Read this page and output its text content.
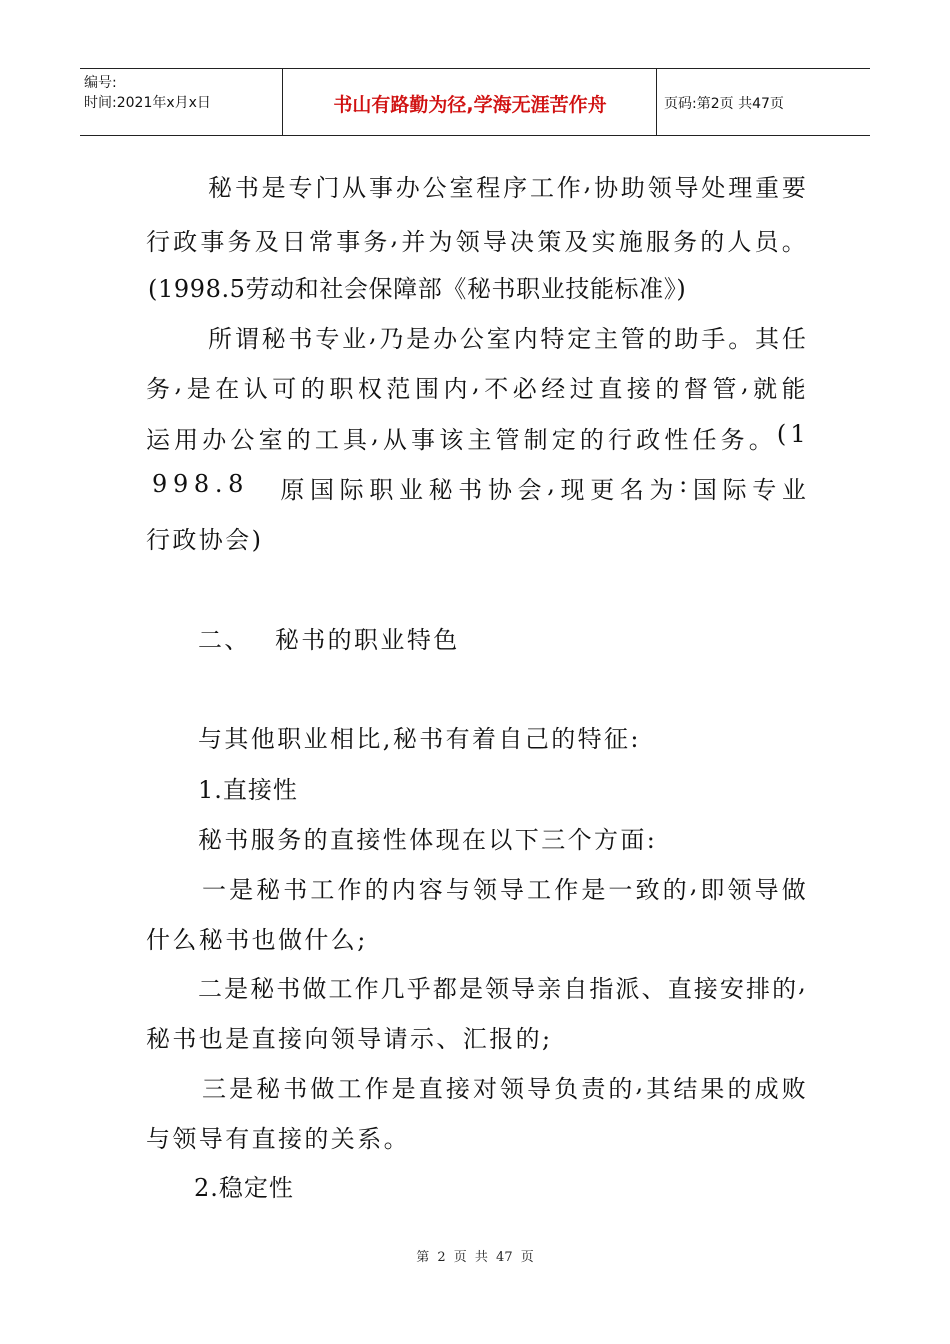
编号:
时间:2021年x月x日	书山有路勤为径,学海无涯苦作舟	页码:第2页 共47页
秘 书 是 专 门 从 事 办 公 室 程 序 工 作 , 协 助 领 导 处 理 重 要
行 政 事 务 及 日 常 事 务 , 并 为 领 导 决 策 及 实 施 服 务 的 人 员 。
(1998.5劳动和社会保障部《秘书职业技能标准》)
所 谓 秘 书 专 业 , 乃 是 办 公 室 内 特 定 主 管 的 助 手 。 其 任
务 , 是 在 认 可 的 职 权 范 围 内 , 不 必 经 过 直 接 的 督 管 , 就 能
运 用 办 公 室 的 工 具 , 从 事 该 主 管 制 定 的 行 政 性 任 务 。 ( 1
9 9 8 . 8
原 国 际 职 业 秘 书 协 会 , 现 更 名 为 : 国 际 专 业
行政协会)
二、 秘书的职业特色
与其他职业相比,秘书有着自己的特征:
1.直接性
秘书服务的直接性体现在以下三个方面:
一 是 秘 书 工 作 的 内 容 与 领 导 工 作 是 一 致 的 , 即 领 导 做
什么秘书也做什么;
二 是 秘 书 做 工 作 几 乎 都 是 领 导 亲 自 指 派 、 直 接 安 排 的 ,
秘书也是直接向领导请示、汇报的;
三 是 秘 书 做 工 作 是 直 接 对 领 导 负 责 的 , 其 结 果 的 成 败
与领导有直接的关系。
2.稳定性
第 2 页 共 47 页
